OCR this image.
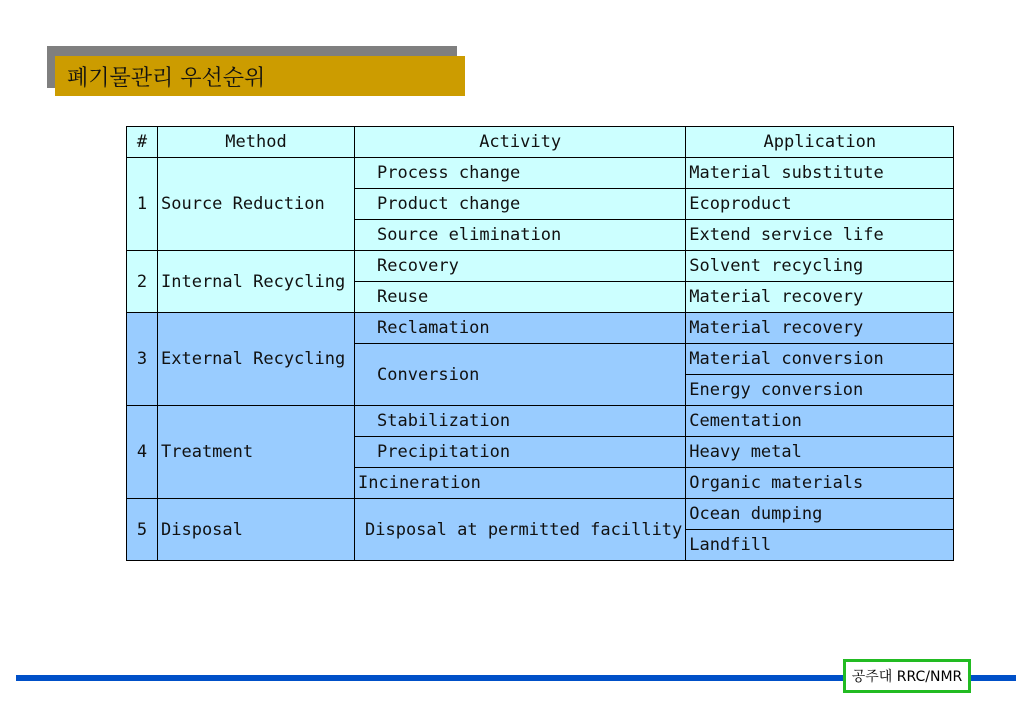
폐기물관리 우선순위
#	Method	Activity	Application
1	Source Reduction	Process change	Material substitute
		Product change	Ecoproduct
		Source elimination	Extend service life
2	Internal Recycling	Recovery	Solvent recycling
		Reuse	Material recovery
3	External Recycling	Reclamation	Material recovery
		Conversion	Material conversion
			Energy conversion
4	Treatment	Stabilization	Cementation
		Precipitation	Heavy metal
		Incineration	Organic materials
5	Disposal	Disposal at permitted facillity	Ocean dumping
			Landfill
공주대 RRC/NMR
